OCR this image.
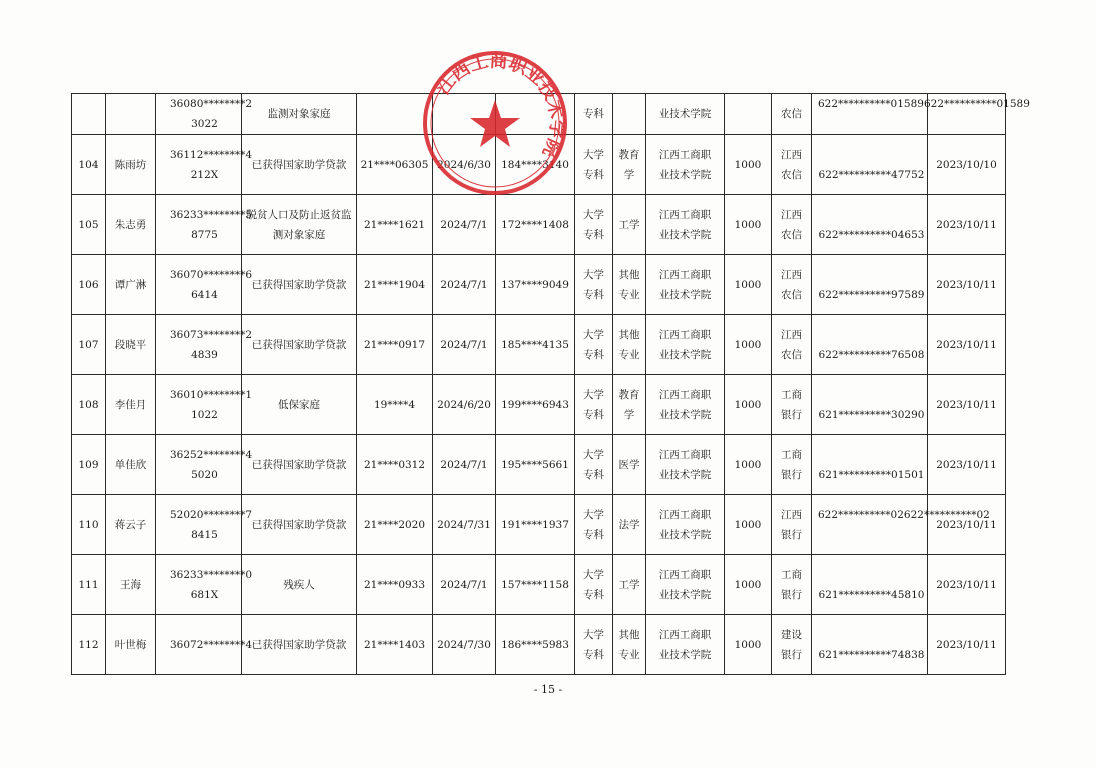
		36080********2
3022	监测对象家庭				专科		业技术学院		农信	622**********01589622**********01589	

104	陈雨坊	36112********4
212X	已获得国家助学贷款	21****06305	2024/6/30	184****3140	大学
专科	教育学	江西工商职
业技术学院	1000	江西
农信	622**********47752	2023/10/10
105	朱志勇	36233********5
8775	脱贫人口及防止返贫监测对象家庭	21****1621	2024/7/1	172****1408	大学
专科	工学	江西工商职
业技术学院	1000	江西
农信	622**********04653	2023/10/11
106	谭广淋	36070********6
6414	已获得国家助学贷款	21****1904	2024/7/1	137****9049	大学
专科	其他专业	江西工商职
业技术学院	1000	江西
农信	622**********97589	2023/10/11
107	段晓平	36073********2
4839	已获得国家助学贷款	21****0917	2024/7/1	185****4135	大学
专科	其他专业	江西工商职
业技术学院	1000	江西
农信	622**********76508	2023/10/11
108	李佳月	36010********1
1022	低保家庭	19****4	2024/6/20	199****6943	大学
专科	教育学	江西工商职
业技术学院	1000	工商
银行	621**********30290	2023/10/11
109	单佳欣	36252********4
5020	已获得国家助学贷款	21****0312	2024/7/1	195****5661	大学
专科	医学	江西工商职
业技术学院	1000	工商
银行	621**********01501	2023/10/11
110	蒋云子	52020********7
8415	已获得国家助学贷款	21****2020	2024/7/31	191****1937	大学
专科	法学	江西工商职
业技术学院	1000	江西
银行	622**********02622**********02	2023/10/11
111	王海	36233********0
681X	残疾人	21****0933	2024/7/1	157****1158	大学
专科	工学	江西工商职
业技术学院	1000	工商
银行	621**********45810	2023/10/11
112	叶世梅	36072********4	已获得国家助学贷款	21****1403	2024/7/30	186****5983	大学
专科	其他专业	江西工商职
业技术学院	1000	建设
银行	621**********74838	2023/10/11
江西工商职业技术学院
- 15 -
